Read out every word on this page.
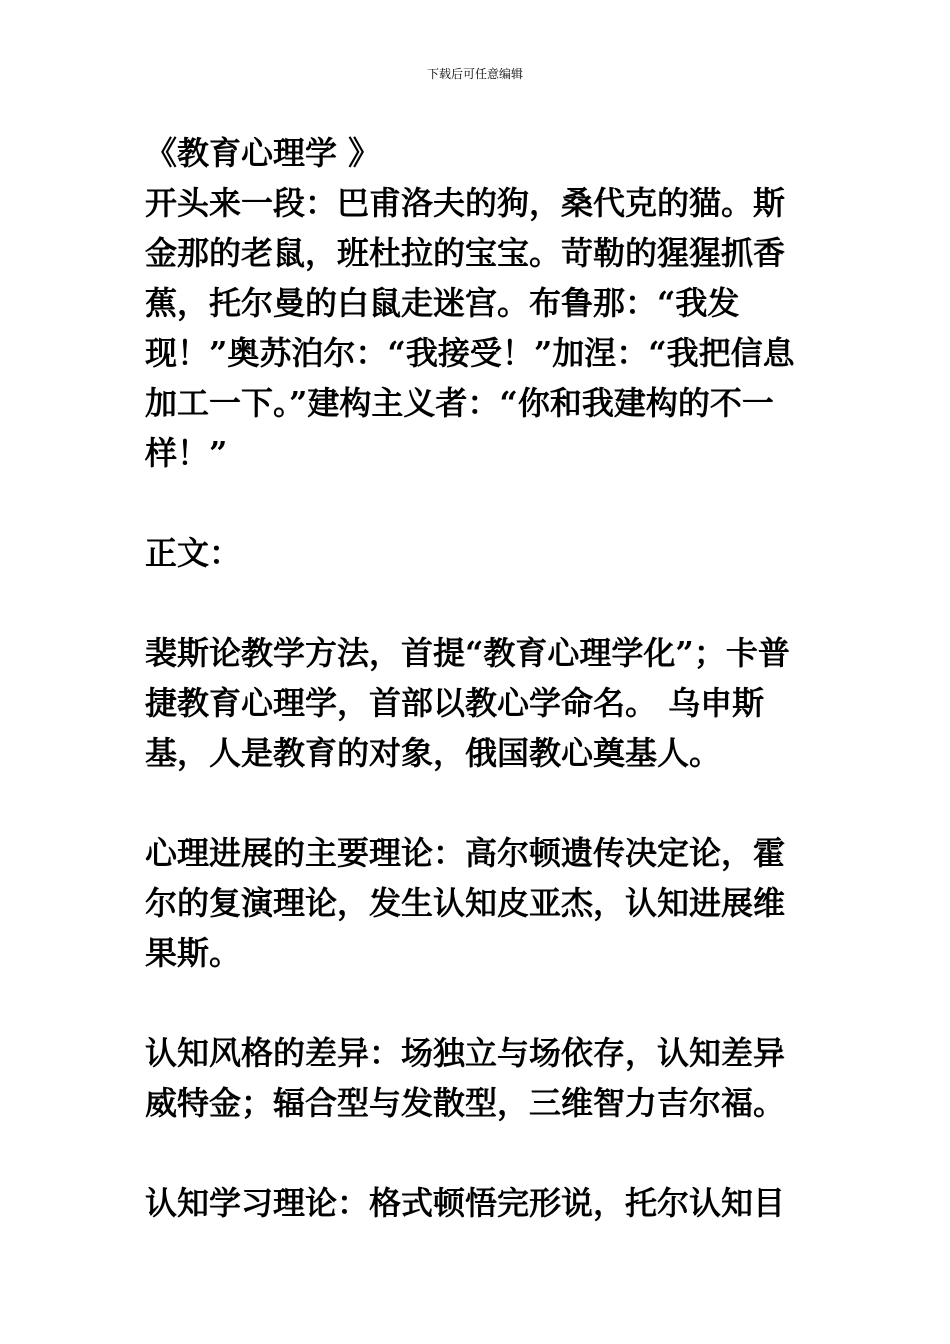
下载后可任意编辑

《教育心理学 》

开头来一段：巴甫洛夫的狗，桑代克的猫。斯金那的老鼠，班杜拉的宝宝。苛勒的猩猩抓香蕉，托尔曼的白鼠走迷宫。布鲁那：“我发现！”奥苏泊尔：“我接受！”加涅：“我把信息加工一下。”建构主义者：“你和我建构的不一样！”

正文：

裴斯论教学方法，首提“教育心理学化”；卡普捷教育心理学，首部以教心学命名。 乌申斯基，人是教育的对象，俄国教心奠基人。

心理进展的主要理论：高尔顿遗传决定论，霍尔的复演理论，发生认知皮亚杰，认知进展维果斯。

认知风格的差异：场独立与场依存，认知差异威特金；辐合型与发散型，三维智力吉尔福。

认知学习理论：格式顿悟完形说，托尔认知目
